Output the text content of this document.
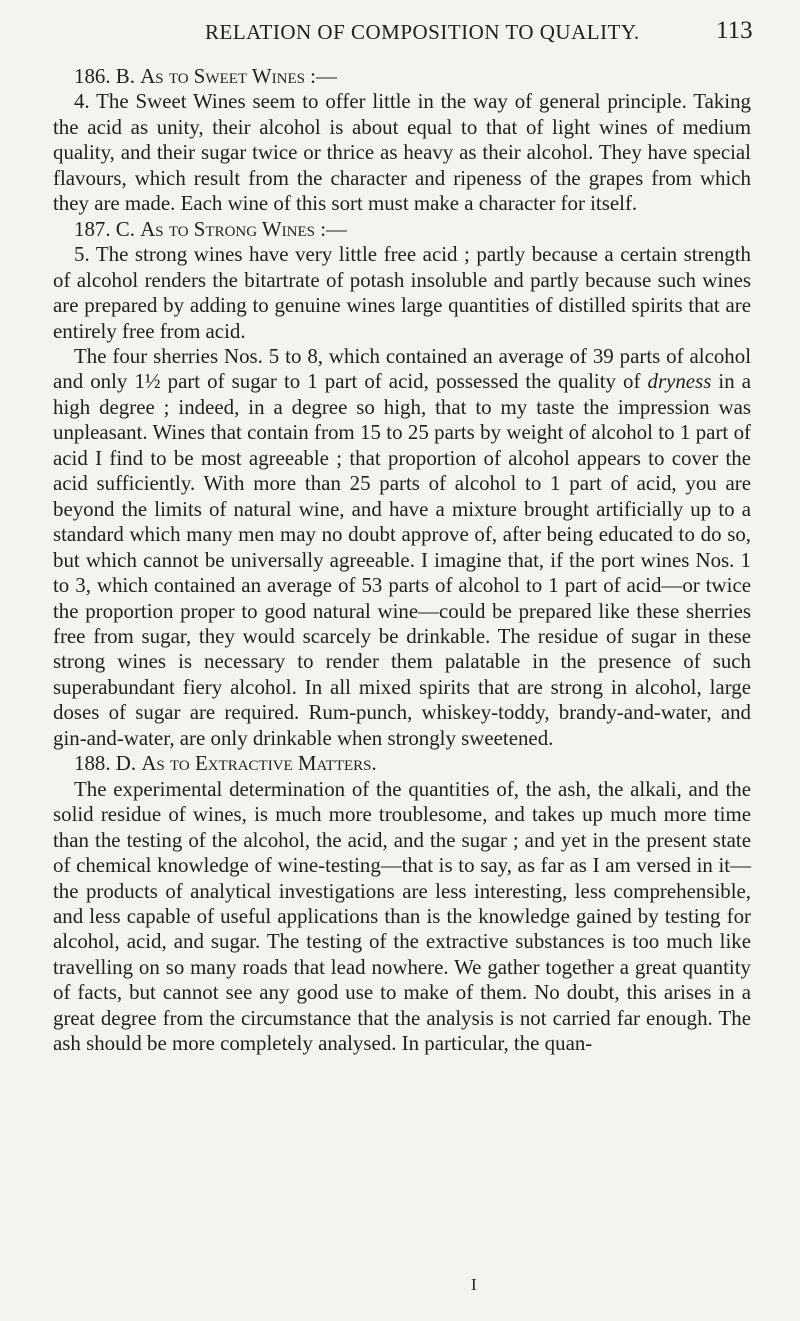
RELATION OF COMPOSITION TO QUALITY.	113

186. B. As to Sweet Wines :—

4. The Sweet Wines seem to offer little in the way of general principle. Taking the acid as unity, their alcohol is about equal to that of light wines of medium quality, and their sugar twice or thrice as heavy as their alcohol. They have special flavours, which result from the character and ripeness of the grapes from which they are made. Each wine of this sort must make a character for itself.

187. C. As to Strong Wines :—

5. The strong wines have very little free acid ; partly because a certain strength of alcohol renders the bitartrate of potash insoluble and partly because such wines are prepared by adding to genuine wines large quantities of distilled spirits that are entirely free from acid.

The four sherries Nos. 5 to 8, which contained an average of 39 parts of alcohol and only 1½ part of sugar to 1 part of acid, possessed the quality of dryness in a high degree ; indeed, in a degree so high, that to my taste the impression was unpleasant. Wines that contain from 15 to 25 parts by weight of alcohol to 1 part of acid I find to be most agreeable ; that proportion of alcohol appears to cover the acid sufficiently. With more than 25 parts of alcohol to 1 part of acid, you are beyond the limits of natural wine, and have a mixture brought artificially up to a standard which many men may no doubt approve of, after being educated to do so, but which cannot be universally agreeable. I imagine that, if the port wines Nos. 1 to 3, which contained an average of 53 parts of alcohol to 1 part of acid—or twice the proportion proper to good natural wine—could be prepared like these sherries free from sugar, they would scarcely be drinkable. The residue of sugar in these strong wines is necessary to render them palatable in the presence of such superabundant fiery alcohol. In all mixed spirits that are strong in alcohol, large doses of sugar are required. Rum-punch, whiskey-toddy, brandy-and-water, and gin-and-water, are only drinkable when strongly sweetened.

188. D. As to Extractive Matters.

The experimental determination of the quantities of, the ash, the alkali, and the solid residue of wines, is much more troublesome, and takes up much more time than the testing of the alcohol, the acid, and the sugar ; and yet in the present state of chemical knowledge of wine-testing—that is to say, as far as I am versed in it—the products of analytical investigations are less interesting, less comprehensible, and less capable of useful applications than is the knowledge gained by testing for alcohol, acid, and sugar. The testing of the extractive substances is too much like travelling on so many roads that lead nowhere. We gather together a great quantity of facts, but cannot see any good use to make of them. No doubt, this arises in a great degree from the circumstance that the analysis is not carried far enough. The ash should be more completely analysed. In particular, the quan-

I
